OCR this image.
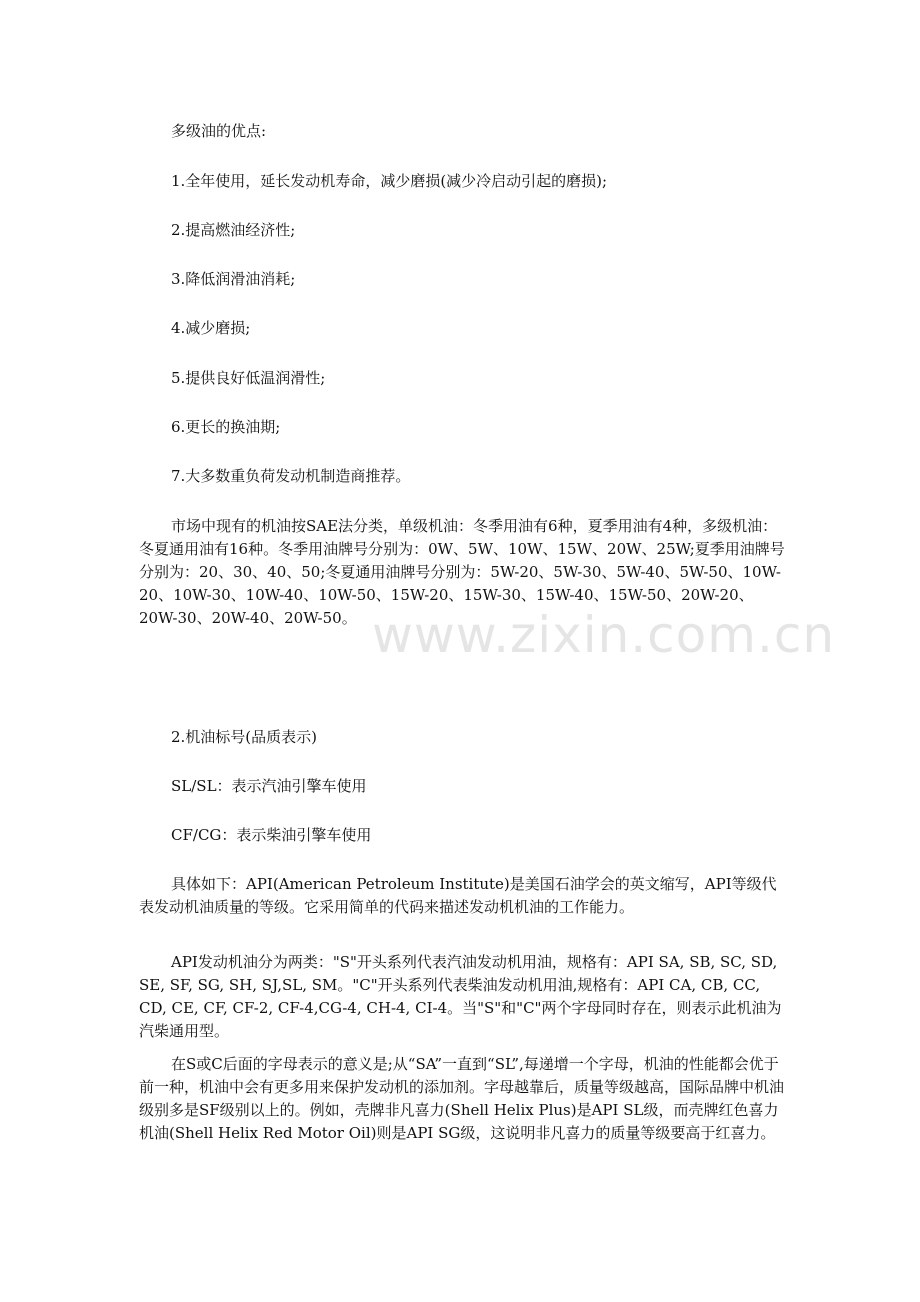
www.zixin.com.cn
多级油的优点:
1.全年使用，延长发动机寿命，减少磨损(减少冷启动引起的磨损);
2.提高燃油经济性;
3.降低润滑油消耗;
4.减少磨损;
5.提供良好低温润滑性;
6.更长的换油期;
7.大多数重负荷发动机制造商推荐。
市场中现有的机油按SAE法分类，单级机油：冬季用油有6种，夏季用油有4种，多级机油：冬夏通用油有16种。冬季用油牌号分别为：0W、5W、10W、15W、20W、25W;夏季用油牌号分别为：20、30、40、50;冬夏通用油牌号分别为：5W-20、5W-30、5W-40、5W-50、10W-20、10W-30、10W-40、10W-50、15W-20、15W-30、15W-40、15W-50、20W-20、20W-30、20W-40、20W-50。
2.机油标号(品质表示)
SL/SL：表示汽油引擎车使用
CF/CG：表示柴油引擎车使用
具体如下：API(American Petroleum Institute)是美国石油学会的英文缩写，API等级代表发动机油质量的等级。它采用简单的代码来描述发动机机油的工作能力。
API发动机油分为两类："S"开头系列代表汽油发动机用油，规格有：API SA, SB, SC, SD, SE, SF, SG, SH, SJ,SL, SM。"C"开头系列代表柴油发动机用油,规格有：API CA, CB, CC, CD, CE, CF, CF-2, CF-4,CG-4, CH-4, CI-4。当"S"和"C"两个字母同时存在，则表示此机油为汽柴通用型。
在S或C后面的字母表示的意义是;从“SA”一直到“SL”,每递增一个字母，机油的性能都会优于前一种，机油中会有更多用来保护发动机的添加剂。字母越靠后，质量等级越高，国际品牌中机油级别多是SF级别以上的。例如，壳牌非凡喜力(Shell Helix Plus)是API SL级，而壳牌红色喜力机油(Shell Helix Red Motor Oil)则是API SG级，这说明非凡喜力的质量等级要高于红喜力。
